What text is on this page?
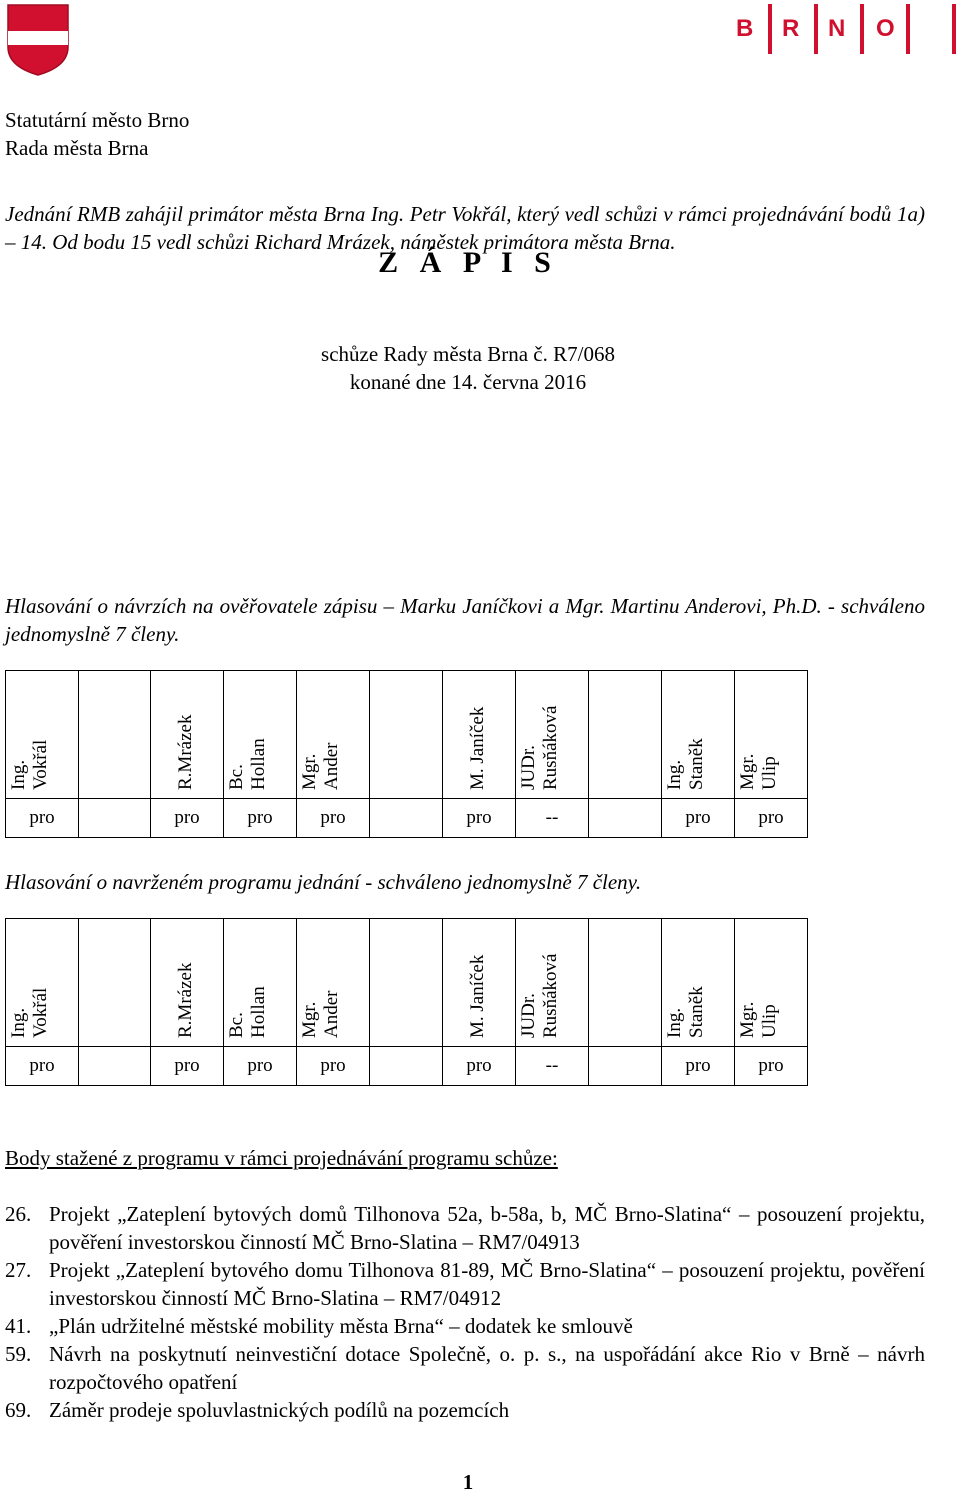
B R N O
Statutární město Brno
Rada města Brna
Z Á P I S
schůze Rady města Brna č. R7/068
konané dne 14. června 2016
Jednání RMB zahájil primátor města Brna Ing. Petr Vokřál, který vedl schůzi v rámci projednávání bodů 1a) – 14. Od bodu 15 vedl schůzi Richard Mrázek, náměstek primátora města Brna.
Hlasování o návrzích na ověřovatele zápisu – Marku Janíčkovi a Mgr. Martinu Anderovi, Ph.D. - schváleno jednomyslně 7 členy.
Ing. Vokřál		R.Mrázek	Bc. Hollan	Mgr. Ander		M. Janíček	JUDr. Rusňáková		Ing. Staněk	Mgr. Ulip

pro		pro	pro	pro		pro	--		pro	pro
Hlasování o navrženém programu jednání - schváleno jednomyslně 7 členy.
Ing. Vokřál		R.Mrázek	Bc. Hollan	Mgr. Ander		M. Janíček	JUDr. Rusňáková		Ing. Staněk	Mgr. Ulip

pro		pro	pro	pro		pro	--		pro	pro
Body stažené z programu v rámci projednávání programu schůze:
26. Projekt „Zateplení bytových domů Tilhonova 52a, b-58a, b, MČ Brno-Slatina“ – posouzení projektu, pověření investorskou činností MČ Brno-Slatina – RM7/04913
27. Projekt „Zateplení bytového domu Tilhonova 81-89, MČ Brno-Slatina“ – posouzení projektu, pověření investorskou činností MČ Brno-Slatina – RM7/04912
41. „Plán udržitelné městské mobility města Brna“ – dodatek ke smlouvě
59. Návrh na poskytnutí neinvestiční dotace Společně, o. p. s., na uspořádání akce Rio v Brně – návrh rozpočtového opatření
69. Záměr prodeje spoluvlastnických podílů na pozemcích
1
